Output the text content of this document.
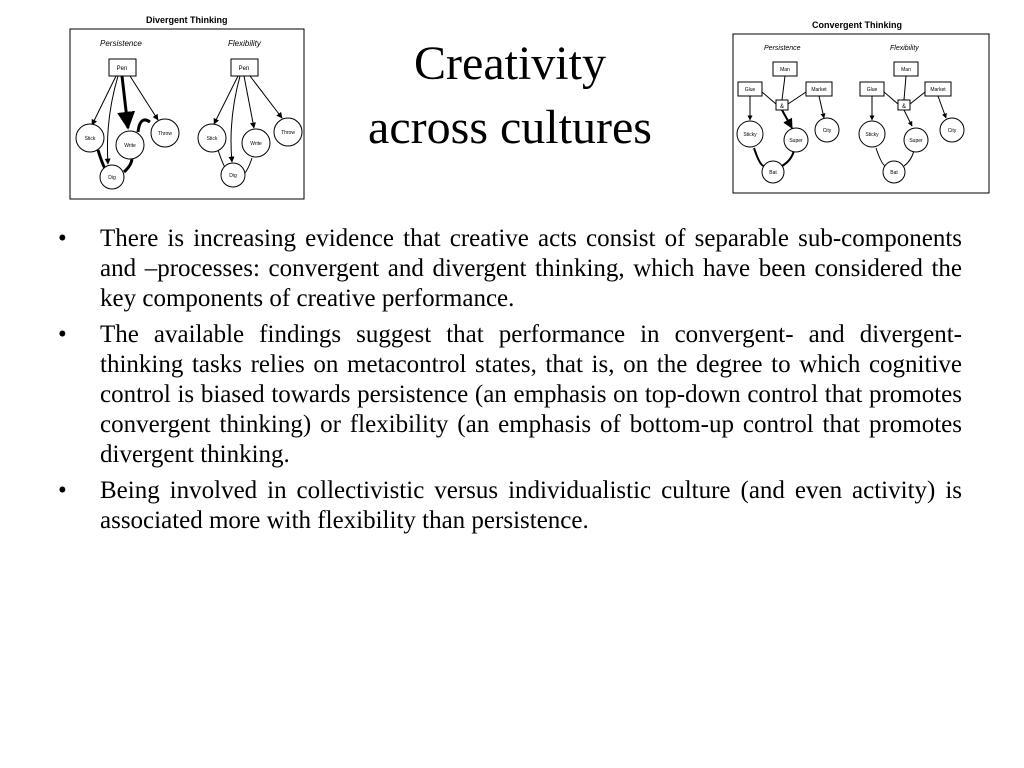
Creativity
across cultures
Divergent Thinking
Persistence	Flexibility
Pen
Stick
Write
Throw
Dig
Pen
Stick
Write
Throw
Dig
Convergent Thinking
Persistence	Flexibility
Man
Glue	Market
&
Sticky
Super
City
Bat
Man
Glue	Market
&
Sticky
Super
City
Bat
• There is increasing evidence that creative acts consist of separable sub-components and –processes: convergent and divergent thinking, which have been considered the key components of creative performance.
• The available findings suggest that performance in convergent- and divergent-thinking tasks relies on metacontrol states, that is, on the degree to which cognitive control is biased towards persistence (an emphasis on top-down control that promotes convergent thinking) or flexibility (an emphasis of bottom-up control that promotes divergent thinking.
• Being involved in collectivistic versus individualistic culture (and even activity) is associated more with flexibility than persistence.
